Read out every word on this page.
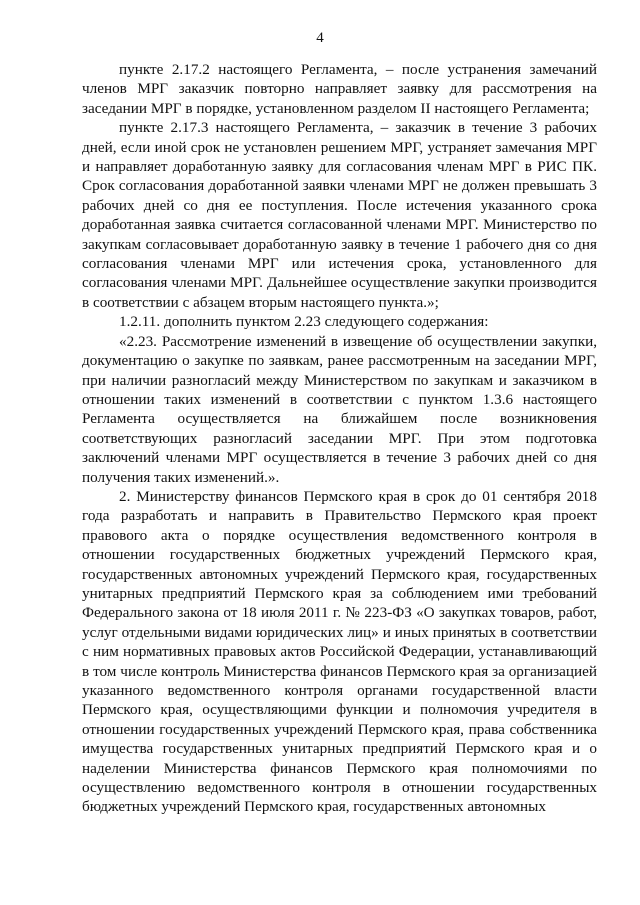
4

пункте 2.17.2 настоящего Регламента, – после устранения замечаний членов МРГ заказчик повторно направляет заявку для рассмотрения на заседании МРГ в порядке, установленном разделом II настоящего Регламента;

пункте 2.17.3 настоящего Регламента, – заказчик в течение 3 рабочих дней, если иной срок не установлен решением МРГ, устраняет замечания МРГ и направляет доработанную заявку для согласования членам МРГ в РИС ПК. Срок согласования доработанной заявки членами МРГ не должен превышать 3 рабочих дней со дня ее поступления. После истечения указанного срока доработанная заявка считается согласованной членами МРГ. Министерство по закупкам согласовывает доработанную заявку в течение 1 рабочего дня со дня согласования членами МРГ или истечения срока, установленного для согласования членами МРГ. Дальнейшее осуществление закупки производится в соответствии с абзацем вторым настоящего пункта.»;

1.2.11. дополнить пунктом 2.23 следующего содержания:

«2.23. Рассмотрение изменений в извещение об осуществлении закупки, документацию о закупке по заявкам, ранее рассмотренным на заседании МРГ, при наличии разногласий между Министерством по закупкам и заказчиком в отношении таких изменений в соответствии с пунктом 1.3.6 настоящего Регламента осуществляется на ближайшем после возникновения соответствующих разногласий заседании МРГ. При этом подготовка заключений членами МРГ осуществляется в течение 3 рабочих дней со дня получения таких изменений.».

2. Министерству финансов Пермского края в срок до 01 сентября 2018 года разработать и направить в Правительство Пермского края проект правового акта о порядке осуществления ведомственного контроля в отношении государственных бюджетных учреждений Пермского края, государственных автономных учреждений Пермского края, государственных унитарных предприятий Пермского края за соблюдением ими требований Федерального закона от 18 июля 2011 г. № 223-ФЗ «О закупках товаров, работ, услуг отдельными видами юридических лиц» и иных принятых в соответствии с ним нормативных правовых актов Российской Федерации, устанавливающий в том числе контроль Министерства финансов Пермского края за организацией указанного ведомственного контроля органами государственной власти Пермского края, осуществляющими функции и полномочия учредителя в отношении государственных учреждений Пермского края, права собственника имущества государственных унитарных предприятий Пермского края и о наделении Министерства финансов Пермского края полномочиями по осуществлению ведомственного контроля в отношении государственных бюджетных учреждений Пермского края, государственных автономных
